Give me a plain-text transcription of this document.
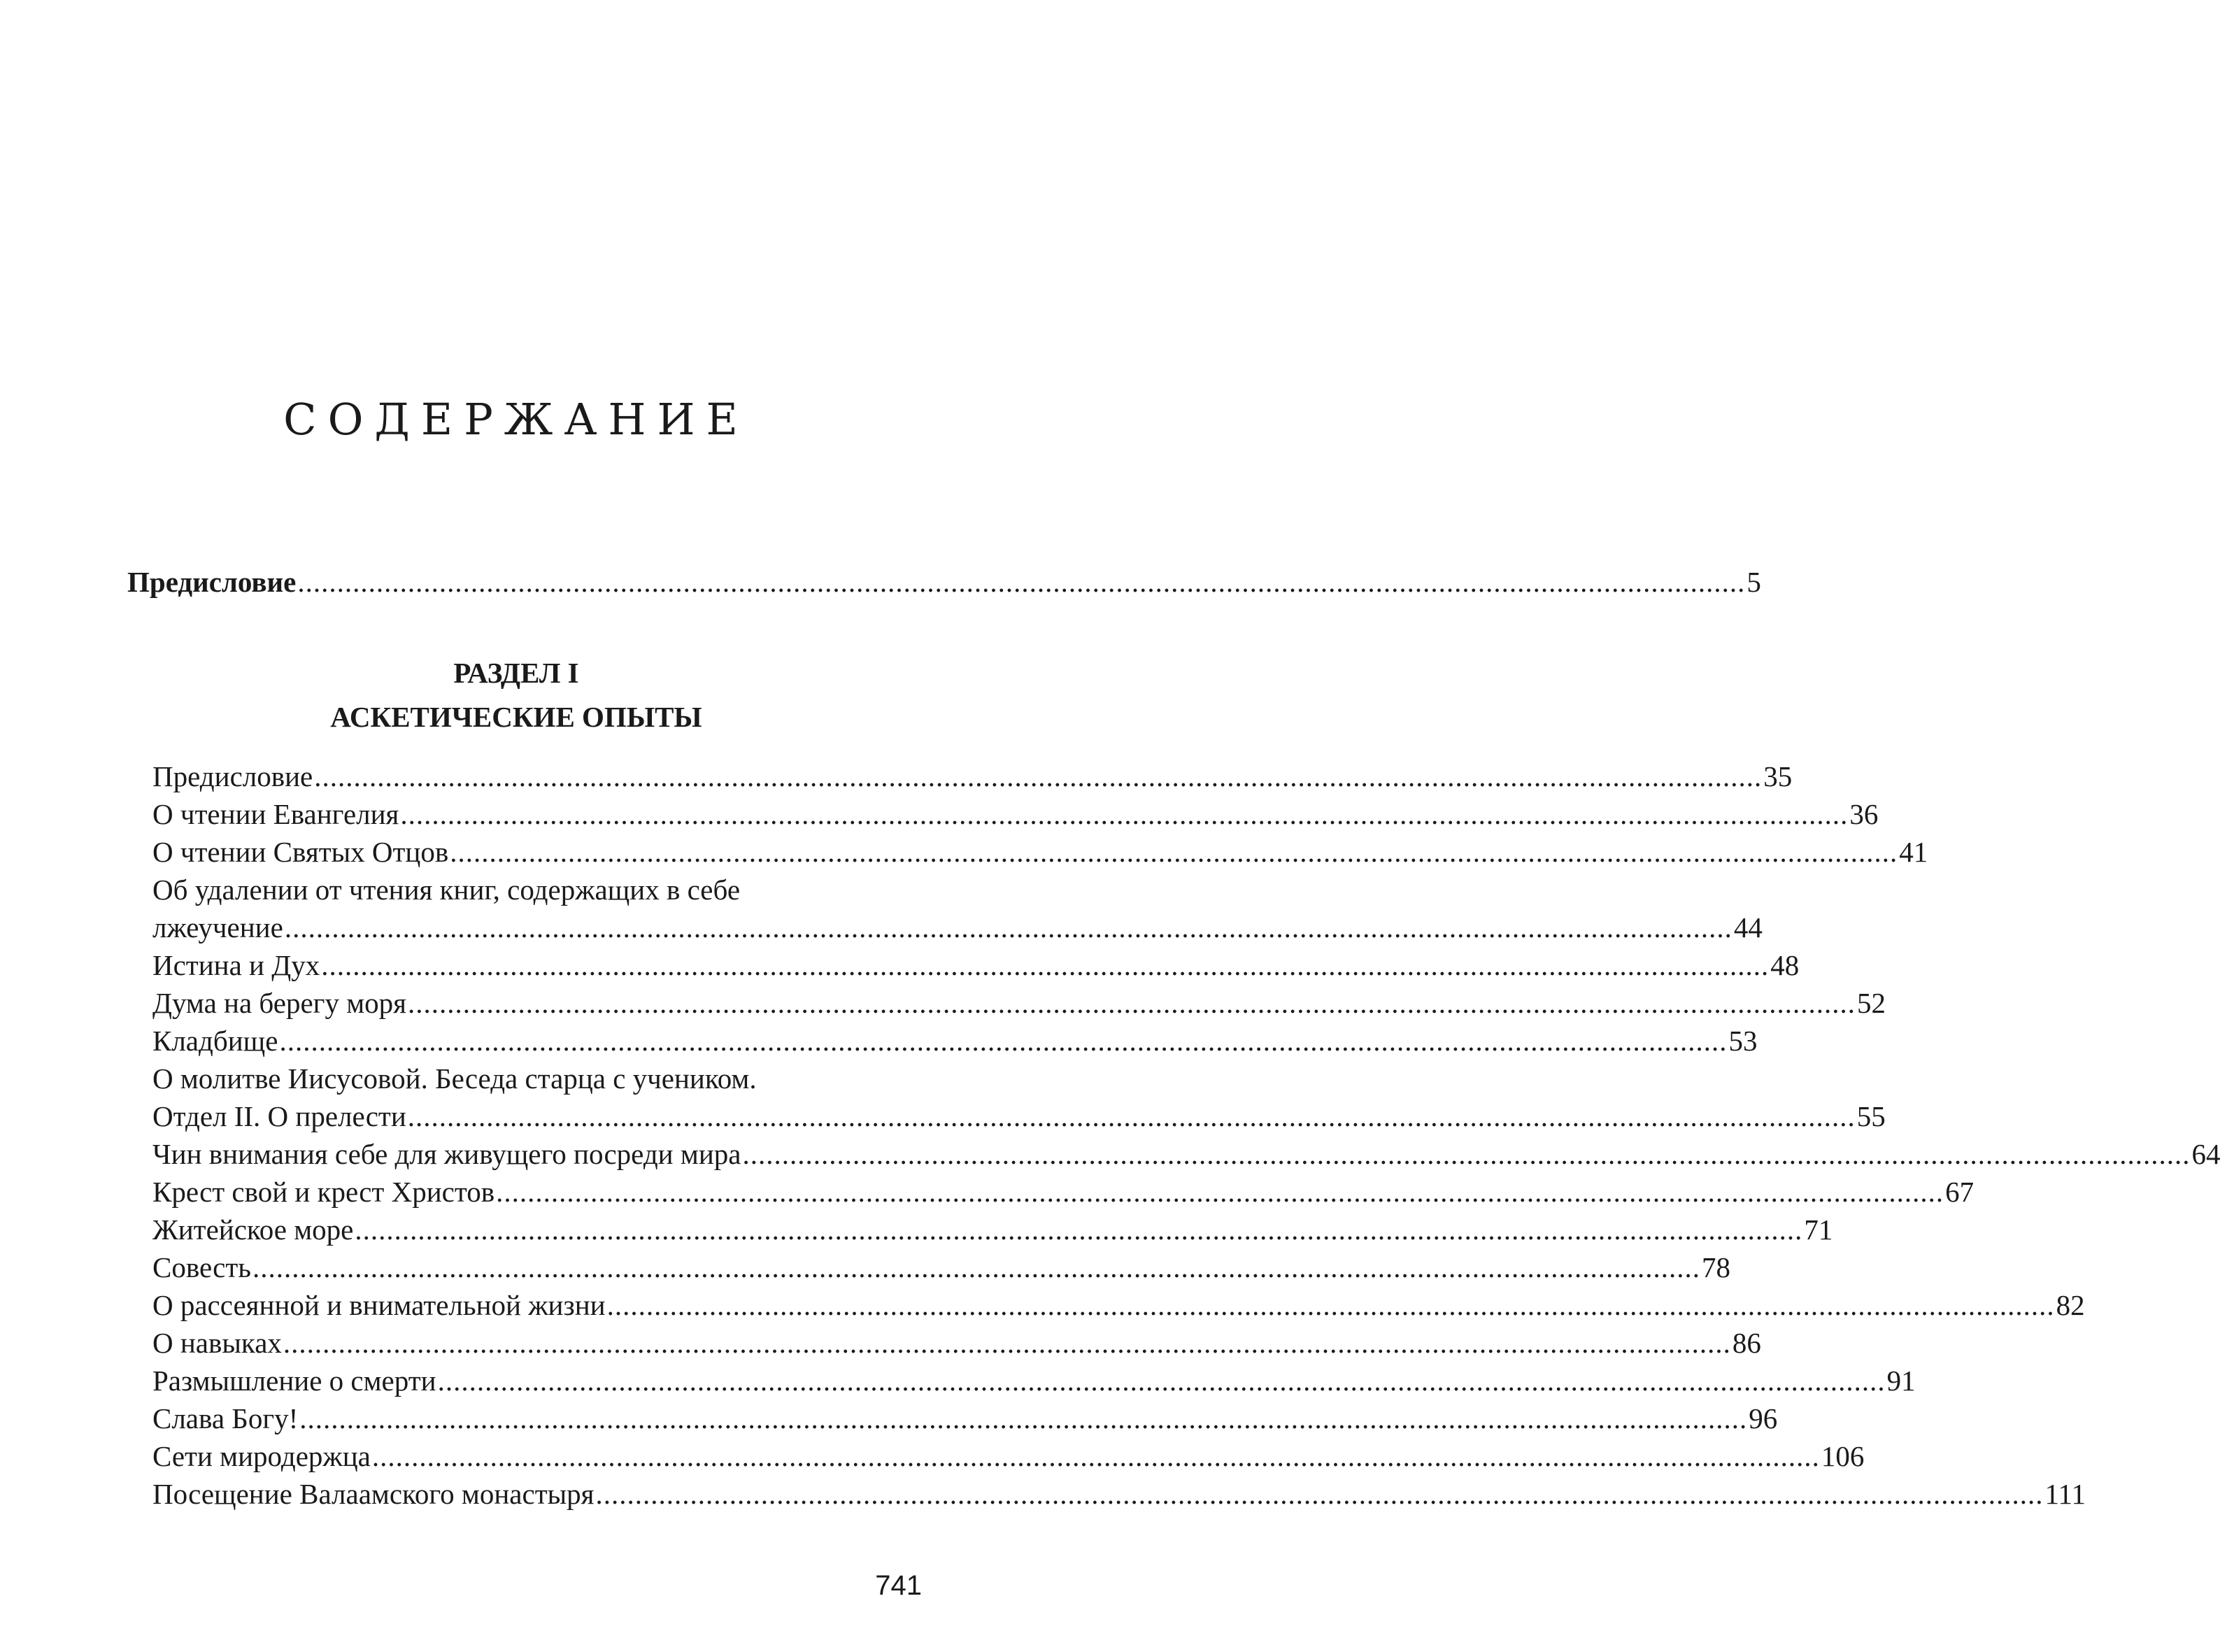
СОДЕРЖАНИЕ
Предисловие ........................................................................................................................................................................................ 5
РАЗДЕЛ I
АСКЕТИЧЕСКИЕ ОПЫТЫ
Предисловие ........................................................................................................................................................................................ 35
О чтении Евангелия ........................................................................................................................................................................................ 36
О чтении Святых Отцов ........................................................................................................................................................................................ 41
Об удалении от чтения книг, содержащих в себе
лжеучение ........................................................................................................................................................................................ 44
Истина и Дух ........................................................................................................................................................................................ 48
Дума на берегу моря ........................................................................................................................................................................................ 52
Кладбище ........................................................................................................................................................................................ 53
О молитве Иисусовой. Беседа старца с учеником.
Отдел II. О прелести ........................................................................................................................................................................................ 55
Чин внимания себе для живущего посреди мира ........................................................................................................................................................................................ 64
Крест свой и крест Христов ........................................................................................................................................................................................ 67
Житейское море ........................................................................................................................................................................................ 71
Совесть ........................................................................................................................................................................................ 78
О рассеянной и внимательной жизни ........................................................................................................................................................................................ 82
О навыках ........................................................................................................................................................................................ 86
Размышление о смерти ........................................................................................................................................................................................ 91
Слава Богу! ........................................................................................................................................................................................ 96
Сети миродержца ........................................................................................................................................................................................ 106
Посещение Валаамского монастыря ........................................................................................................................................................................................ 111
741
